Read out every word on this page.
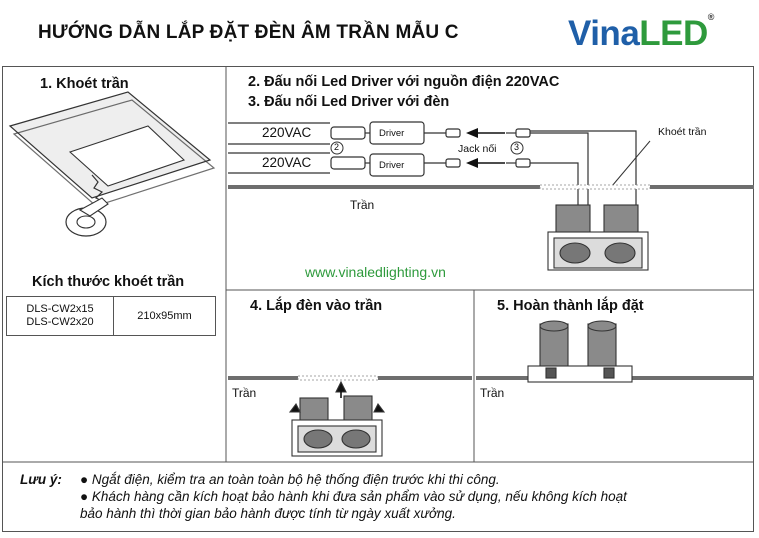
HƯỚNG DẪN LẮP ĐẶT ĐÈN ÂM TRẦN MẪU C	VinaLED®
1. Khoét trần
Kích thước khoét trần
DLS-CW2x15
DLS-CW2x20	210x95mm
2. Đấu nối Led Driver với nguồn điện 220VAC
3. Đấu nối Led Driver với đèn
220VAC
220VAC
Driver
Driver
2	3
Jack nối
Khoét trần
Trần
www.vinaledlighting.vn
4. Lắp đèn vào trần	5. Hoàn thành lắp đặt
Trần	Trần
Lưu ý: ● Ngắt điện, kiểm tra an toàn toàn bộ hệ thống điện trước khi thi công.
● Khách hàng cần kích hoạt bảo hành khi đưa sản phẩm vào sử dụng, nếu không kích hoạt
bảo hành thì thời gian bảo hành được tính từ ngày xuất xưởng.
